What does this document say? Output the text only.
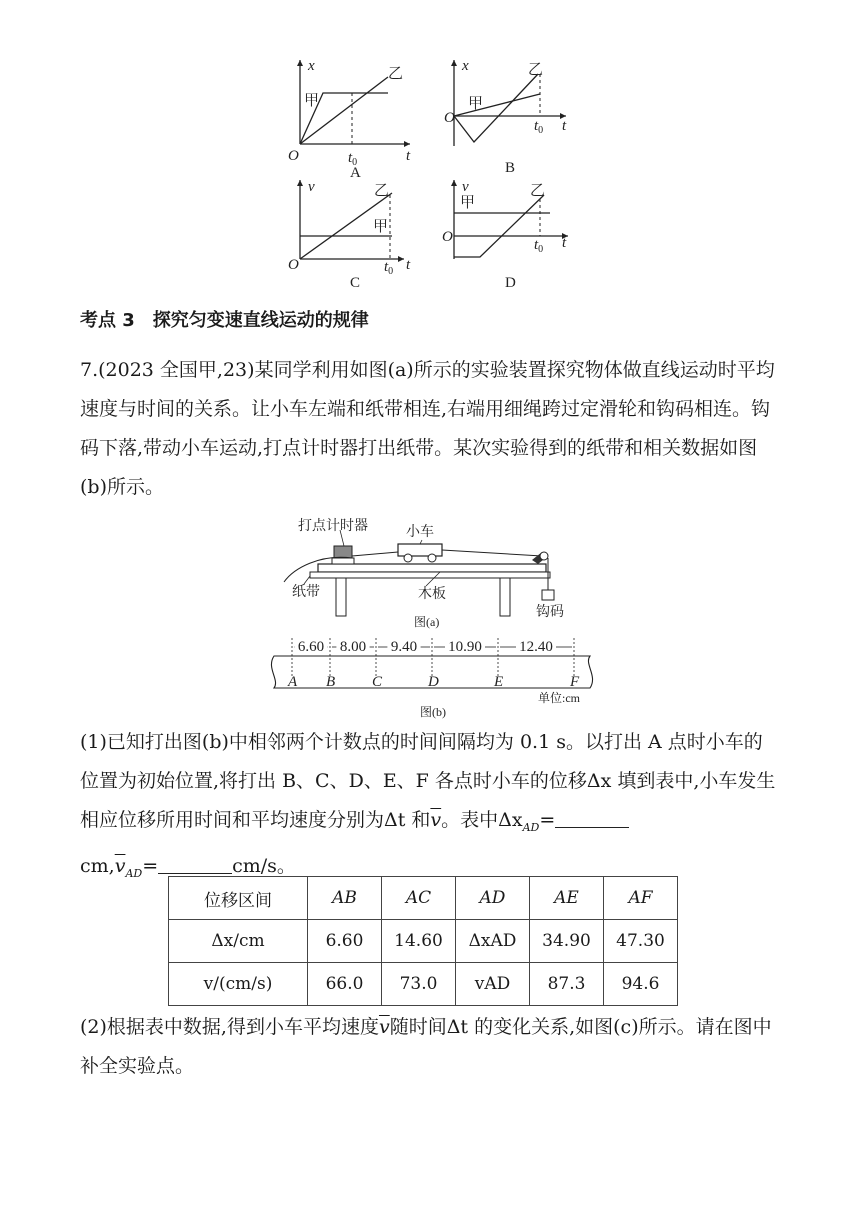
x
t
O
甲
乙
$t_0$
A
x
t
O
甲
乙
$t_0$
B
v
t
O
甲
乙
$t_0$
C
v
t
O
甲
乙
$t_0$
D
考点 3　探究匀变速直线运动的规律
7.(2023 全国甲,23)某同学利用如图(a)所示的实验装置探究物体做直线运动时平均速度与时间的关系。让小车左端和纸带相连,右端用细绳跨过定滑轮和钩码相连。钩码下落,带动小车运动,打点计时器打出纸带。某次实验得到的纸带和相关数据如图(b)所示。
打点计时器	小车
纸带	木板
钩码
图(a)
A B C	D	E	F
6.60 8.00 9.40 10.90 12.40
单位:cm
图(b)
(1)已知打出图(b)中相邻两个计数点的时间间隔均为 0.1 s。以打出 A 点时小车的位置为初始位置,将打出 B、C、D、E、F 各点时小车的位移Δx 填到表中,小车发生相应位移所用时间和平均速度分别为Δt 和$\overline{v}$。表中$\Delta x_{AD}=$
$cm,\overline{v}_{AD}=$	cm/s。
位移区间	AB	AC	AD	AE	AF
Δx/cm	6.60	14.60	ΔxAD	34.90	47.30
v/(cm/s)	66.0	73.0	vAD	87.3	94.6
(2)根据表中数据,得到小车平均速度$\overline{v}$随时间Δt 的变化关系,如图(c)所示。请在图中补全实验点。
